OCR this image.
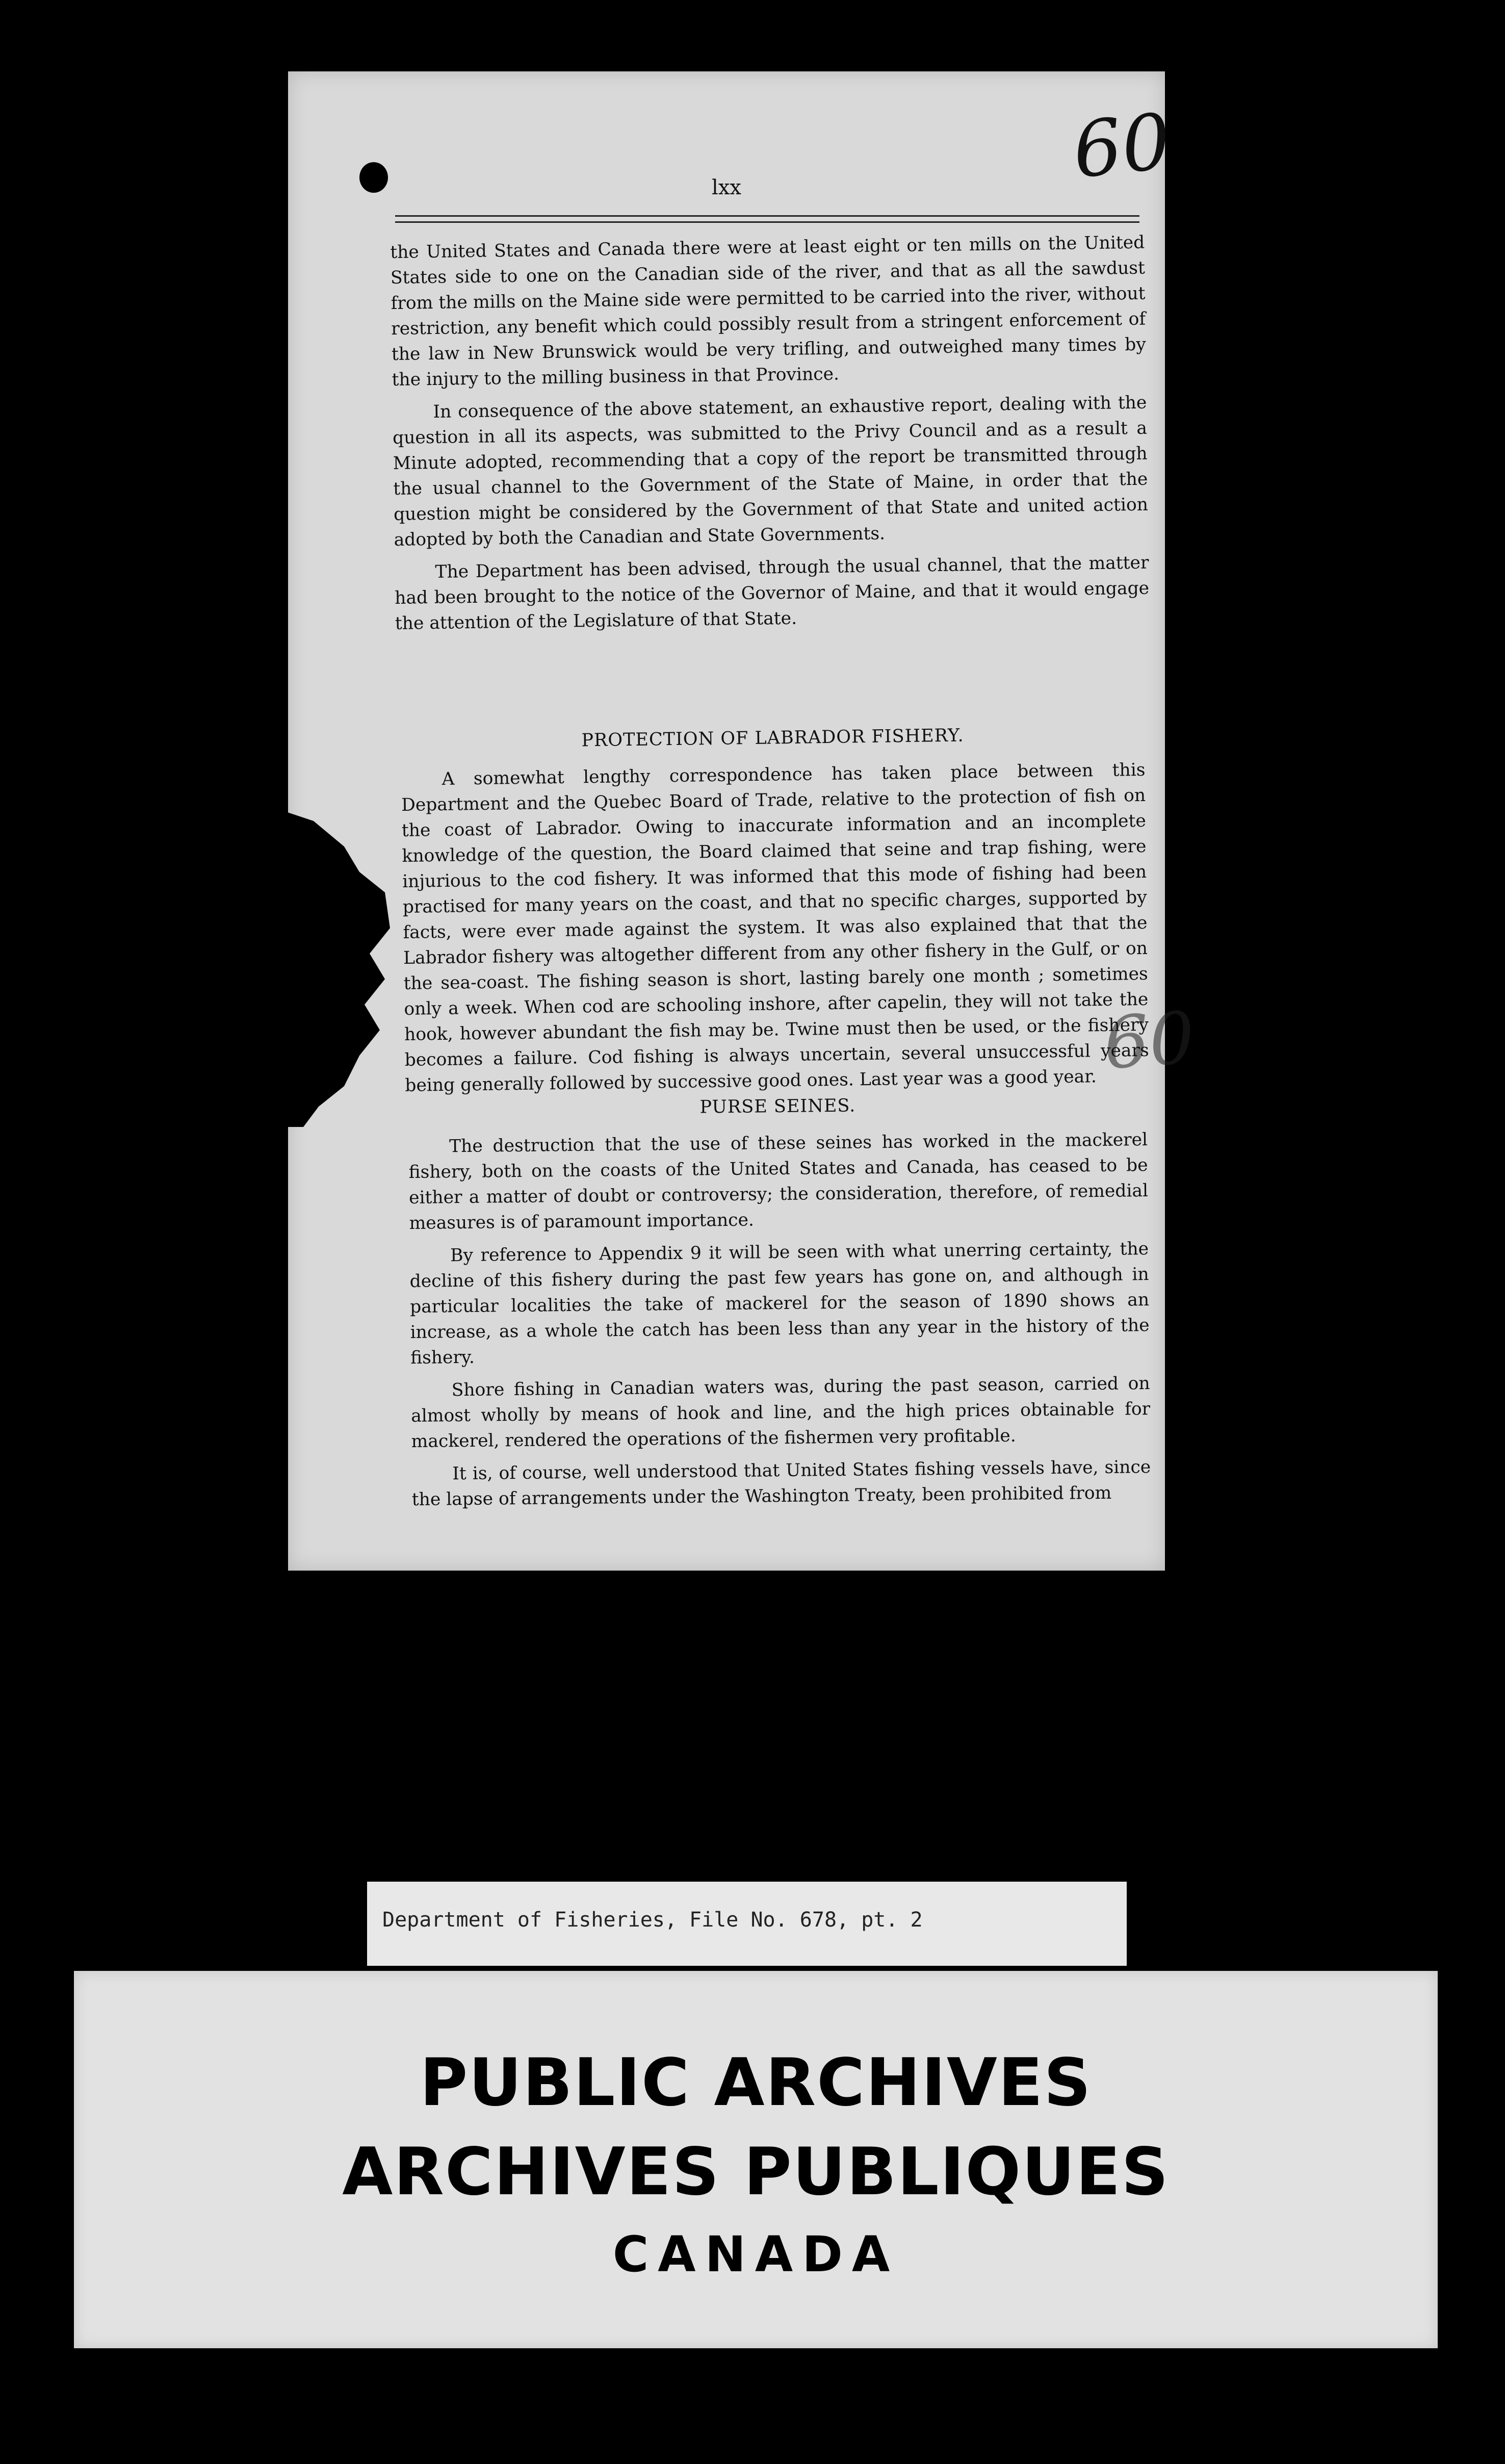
60
60
lxx

the United States and Canada there were at least eight or ten mills on the United States side to one on the Canadian side of the river, and that as all the sawdust from the mills on the Maine side were permitted to be carried into the river, without restriction, any benefit which could possibly result from a stringent enforcement of the law in New Brunswick would be very trifling, and outweighed many times by the injury to the milling business in that Province.

In consequence of the above statement, an exhaustive report, dealing with the question in all its aspects, was submitted to the Privy Council and as a result a Minute adopted, recommending that a copy of the report be transmitted through the usual channel to the Government of the State of Maine, in order that the question might be considered by the Government of that State and united action adopted by both the Canadian and State Governments.

The Department has been advised, through the usual channel, that the matter had been brought to the notice of the Governor of Maine, and that it would engage the attention of the Legislature of that State.

PROTECTION OF LABRADOR FISHERY.

A somewhat lengthy correspondence has taken place between this Department and the Quebec Board of Trade, relative to the protection of fish on the coast of Labrador. Owing to inaccurate information and an incomplete knowledge of the question, the Board claimed that seine and trap fishing, were injurious to the cod fishery. It was informed that this mode of fishing had been practised for many years on the coast, and that no specific charges, supported by facts, were ever made against the system. It was also explained that that the Labrador fishery was altogether different from any other fishery in the Gulf, or on the sea-coast. The fishing season is short, lasting barely one month ; sometimes only a week. When cod are schooling inshore, after capelin, they will not take the hook, however abundant the fish may be. Twine must then be used, or the fishery becomes a failure. Cod fishing is always uncertain, several unsuccessful years being generally followed by successive good ones. Last year was a good year.

PURSE SEINES.

The destruction that the use of these seines has worked in the mackerel fishery, both on the coasts of the United States and Canada, has ceased to be either a matter of doubt or controversy; the consideration, therefore, of remedial measures is of paramount importance.

By reference to Appendix 9 it will be seen with what unerring certainty, the decline of this fishery during the past few years has gone on, and although in particular localities the take of mackerel for the season of 1890 shows an increase, as a whole the catch has been less than any year in the history of the fishery.

Shore fishing in Canadian waters was, during the past season, carried on almost wholly by means of hook and line, and the high prices obtainable for mackerel, rendered the operations of the fishermen very profitable.

It is, of course, well understood that United States fishing vessels have, since the lapse of arrangements under the Washington Treaty, been prohibited from

Department of Fisheries, File No. 678, pt. 2
PUBLIC ARCHIVES
ARCHIVES PUBLIQUES
CANADA
